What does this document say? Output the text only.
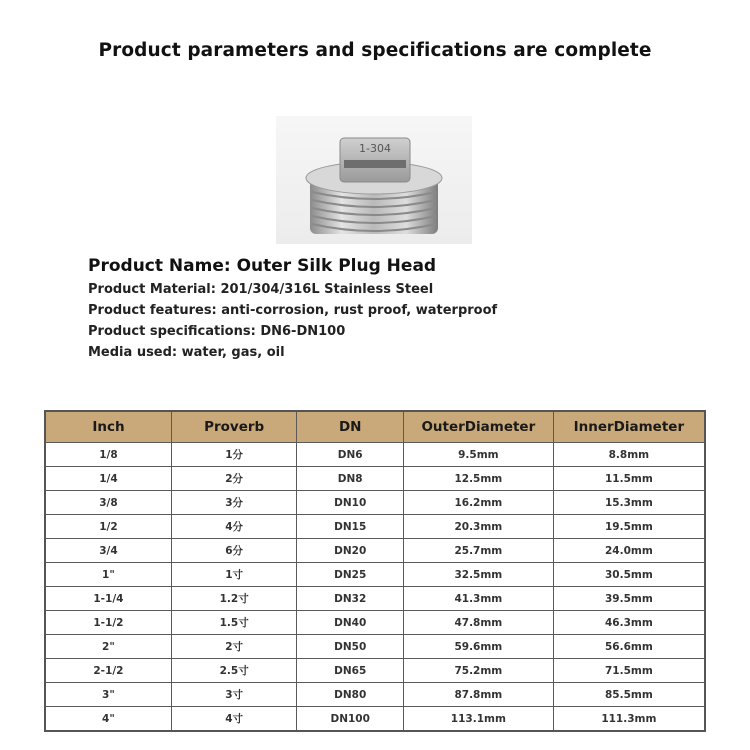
Product parameters and specifications are complete
1-304
Product Name: Outer Silk Plug Head
Product Material: 201/304/316L Stainless Steel
Product features: anti-corrosion, rust proof, waterproof
Product specifications: DN6-DN100
Media used: water, gas, oil
Inch	Proverb	DN	OuterDiameter	InnerDiameter
1/8	1分	DN6	9.5mm	8.8mm
1/4	2分	DN8	12.5mm	11.5mm
3/8	3分	DN10	16.2mm	15.3mm
1/2	4分	DN15	20.3mm	19.5mm
3/4	6分	DN20	25.7mm	24.0mm
1"	1寸	DN25	32.5mm	30.5mm
1-1/4	1.2寸	DN32	41.3mm	39.5mm
1-1/2	1.5寸	DN40	47.8mm	46.3mm
2"	2寸	DN50	59.6mm	56.6mm
2-1/2	2.5寸	DN65	75.2mm	71.5mm
3"	3寸	DN80	87.8mm	85.5mm
4"	4寸	DN100	113.1mm	111.3mm
